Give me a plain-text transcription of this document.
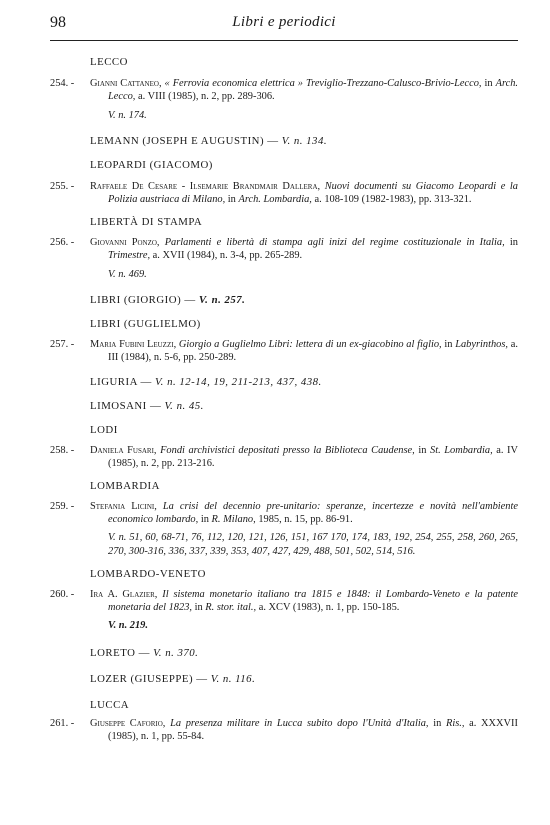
98	Libri e periodici
LECCO
254. -	Gianni Cattaneo, « Ferrovia economica elettrica » Treviglio-Trezzano-Calusco-Brivio-Lecco, in Arch. Lecco, a. VIII (1985), n. 2, pp. 289-306.
V. n. 174.
LEMANN (JOSEPH E AUGUSTIN) — V. n. 134.
LEOPARDI (GIACOMO)
255. -	Raffaele De Cesare - Ilsemarie Brandmair Dallera, Nuovi documenti su Giacomo Leopardi e la Polizia austriaca di Milano, in Arch. Lombardia, a. 108-109 (1982-1983), pp. 313-321.
LIBERTÀ DI STAMPA
256. -	Giovanni Ponzo, Parlamenti e libertà di stampa agli inizi del regime costituzionale in Italia, in Trimestre, a. XVII (1984), n. 3-4, pp. 265-289.
V. n. 469.
LIBRI (GIORGIO) — V. n. 257.
LIBRI (GUGLIELMO)
257. -	Maria Fubini Leuzzi, Giorgio a Guglielmo Libri: lettera di un ex-giacobino al figlio, in Labyrinthos, a. III (1984), n. 5-6, pp. 250-289.
LIGURIA — V. n. 12-14, 19, 211-213, 437, 438.
LIMOSANI — V. n. 45.
LODI
258. -	Daniela Fusari, Fondi archivistici depositati presso la Biblioteca Caudense, in St. Lombardia, a. IV (1985), n. 2, pp. 213-216.
LOMBARDIA
259. -	Stefania Licini, La crisi del decennio pre-unitario: speranze, incertezze e novità nell'ambiente economico lombardo, in R. Milano, 1985, n. 15, pp. 86-91.
V. n. 51, 60, 68-71, 76, 112, 120, 121, 126, 151, 167 170, 174, 183, 192, 254, 255, 258, 260, 265, 270, 300-316, 336, 337, 339, 353, 407, 427, 429, 488, 501, 502, 514, 516.
LOMBARDO-VENETO
260. -	Ira A. Glazier, Il sistema monetario italiano tra 1815 e 1848: il Lombardo-Veneto e la patente monetaria del 1823, in R. stor. ital., a. XCV (1983), n. 1, pp. 150-185.
V. n. 219.
LORETO — V. n. 370.
LOZER (GIUSEPPE) — V. n. 116.
LUCCA
261. -	Giuseppe Caforio, La presenza militare in Lucca subito dopo l'Unità d'Italia, in Ris., a. XXXVII (1985), n. 1, pp. 55-84.
